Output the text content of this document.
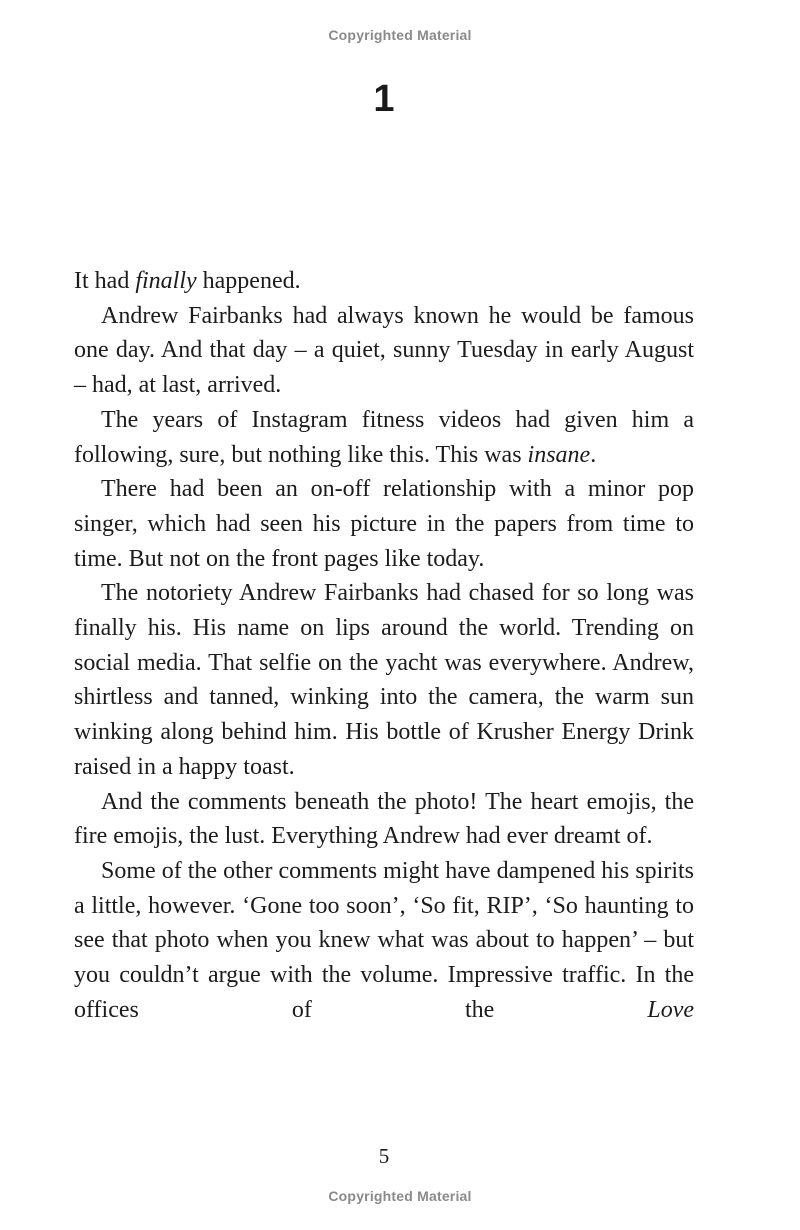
Copyrighted Material
1

It had finally happened.

Andrew Fairbanks had always known he would be famous one day. And that day – a quiet, sunny Tuesday in early August – had, at last, arrived.

The years of Instagram fitness videos had given him a following, sure, but nothing like this. This was insane.

There had been an on-off relationship with a minor pop singer, which had seen his picture in the papers from time to time. But not on the front pages like today.

The notoriety Andrew Fairbanks had chased for so long was finally his. His name on lips around the world. Trending on social media. That selfie on the yacht was everywhere. Andrew, shirtless and tanned, winking into the camera, the warm sun winking along behind him. His bottle of Krusher Energy Drink raised in a happy toast.

And the comments beneath the photo! The heart emojis, the fire emojis, the lust. Everything Andrew had ever dreamt of.

Some of the other comments might have dampened his spirits a little, however. ‘Gone too soon’, ‘So fit, RIP’, ‘So haunting to see that photo when you knew what was about to happen’ – but you couldn’t argue with the volume. Impressive traffic. In the offices of the Love

5
Copyrighted Material
